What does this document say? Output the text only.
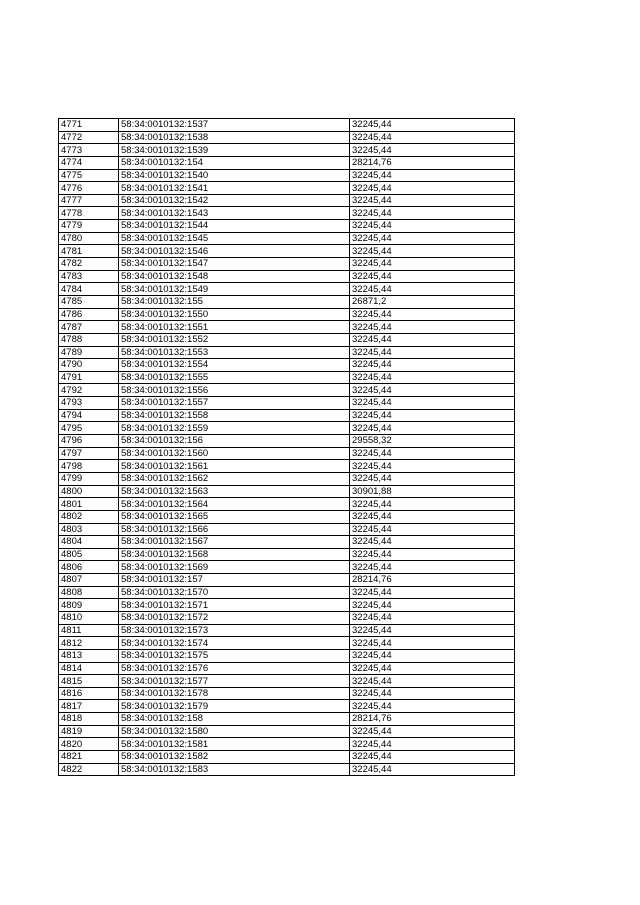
4771	58:34:0010132:1537	32245,44
4772	58:34:0010132:1538	32245,44
4773	58:34:0010132:1539	32245,44
4774	58:34:0010132:154	28214,76
4775	58:34:0010132:1540	32245,44
4776	58:34:0010132:1541	32245,44
4777	58:34:0010132:1542	32245,44
4778	58:34:0010132:1543	32245,44
4779	58:34:0010132:1544	32245,44
4780	58:34:0010132:1545	32245,44
4781	58:34:0010132:1546	32245,44
4782	58:34:0010132:1547	32245,44
4783	58:34:0010132:1548	32245,44
4784	58:34:0010132:1549	32245,44
4785	58:34:0010132:155	26871,2
4786	58:34:0010132:1550	32245,44
4787	58:34:0010132:1551	32245,44
4788	58:34:0010132:1552	32245,44
4789	58:34:0010132:1553	32245,44
4790	58:34:0010132:1554	32245,44
4791	58:34:0010132:1555	32245,44
4792	58:34:0010132:1556	32245,44
4793	58:34:0010132:1557	32245,44
4794	58:34:0010132:1558	32245,44
4795	58:34:0010132:1559	32245,44
4796	58:34:0010132:156	29558,32
4797	58:34:0010132:1560	32245,44
4798	58:34:0010132:1561	32245,44
4799	58:34:0010132:1562	32245,44
4800	58:34:0010132:1563	30901,88
4801	58:34:0010132:1564	32245,44
4802	58:34:0010132:1565	32245,44
4803	58:34:0010132:1566	32245,44
4804	58:34:0010132:1567	32245,44
4805	58:34:0010132:1568	32245,44
4806	58:34:0010132:1569	32245,44
4807	58:34:0010132:157	28214,76
4808	58:34:0010132:1570	32245,44
4809	58:34:0010132:1571	32245,44
4810	58:34:0010132:1572	32245,44
4811	58:34:0010132:1573	32245,44
4812	58:34:0010132:1574	32245,44
4813	58:34:0010132:1575	32245,44
4814	58:34:0010132:1576	32245,44
4815	58:34:0010132:1577	32245,44
4816	58:34:0010132:1578	32245,44
4817	58:34:0010132:1579	32245,44
4818	58:34:0010132:158	28214,76
4819	58:34:0010132:1580	32245,44
4820	58:34:0010132:1581	32245,44
4821	58:34:0010132:1582	32245,44
4822	58:34:0010132:1583	32245,44
